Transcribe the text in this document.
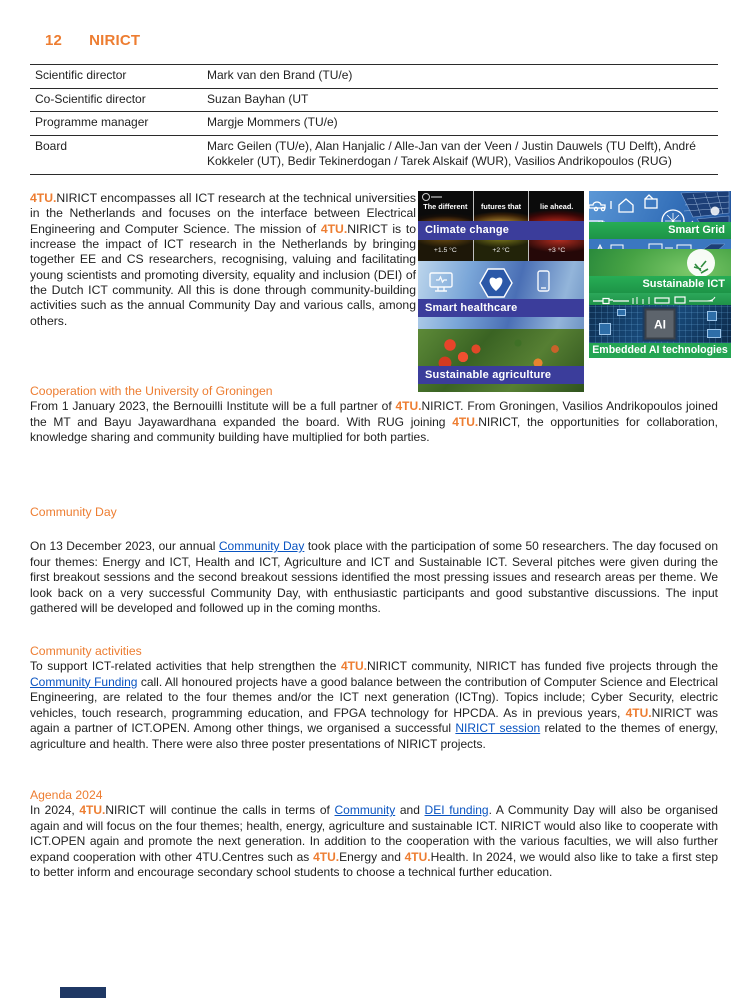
12 NIRICT
Scientific director	Mark van den Brand (TU/e)
Co-Scientific director	Suzan Bayhan (UT
Programme manager	Margje Mommers (TU/e)
Board	Marc Geilen (TU/e), Alan Hanjalic / Alle-Jan van der Veen / Justin Dauwels (TU Delft), André Kokkeler (UT), Bedir Tekinerdogan / Tarek Alskaif (WUR), Vasilios Andrikopoulos (RUG)
4TU.NIRICT encompasses all ICT research at the technical universities in the Netherlands and focuses on the interface between Electrical Engineering and Computer Science. The mission of 4TU.NIRICT is to increase the impact of ICT research in the Netherlands by bringing together EE and CS researchers, recognising, valuing and facilitating young scientists and promoting diversity, equality and inclusion (DEI) of the Dutch ICT community. All this is done through community-building activities such as the annual Community Day and various calls, among others.
The different	futures that	lie ahead.
Climate change
+1.5 °C	+2 °C	+3 °C
Smart healthcare
Sustainable agriculture
Smart Grid
Sustainable ICT
AI
Embedded AI technologies
Cooperation with the University of Groningen
From 1 January 2023, the Bernouilli Institute will be a full partner of 4TU.NIRICT. From Groningen, Vasilios Andrikopoulos joined the MT and Bayu Jayawardhana expanded the board. With RUG joining 4TU.NIRICT, the opportunities for collaboration, knowledge sharing and community building have multiplied for both parties.
Community Day
On 13 December 2023, our annual Community Day took place with the participation of some 50 researchers. The day focused on four themes: Energy and ICT, Health and ICT, Agriculture and ICT and Sustainable ICT. Several pitches were given during the first breakout sessions and the second breakout sessions identified the most pressing issues and research areas per theme. We look back on a very successful Community Day, with enthusiastic participants and good substantive discussions. The input gathered will be developed and followed up in the coming months.
Community activities
To support ICT-related activities that help strengthen the 4TU.NIRICT community, NIRICT has funded five projects through the Community Funding call. All honoured projects have a good balance between the contribution of Computer Science and Electrical Engineering, are related to the four themes and/or the ICT next generation (ICTng). Topics include; Cyber Security, electric vehicles, touch research, programming education, and FPGA technology for HPCDA. As in previous years, 4TU.NIRICT was again a partner of ICT.OPEN. Among other things, we organised a successful NIRICT session related to the themes of energy, agriculture and health. There were also three poster presentations of NIRICT projects.
Agenda 2024
In 2024, 4TU.NIRICT will continue the calls in terms of Community and DEI funding. A Community Day will also be organised again and will focus on the four themes; health, energy, agriculture and sustainable ICT. NIRICT would also like to cooperate with ICT.OPEN again and promote the next generation. In addition to the cooperation with the various faculties, we will also further expand cooperation with other 4TU.Centres such as 4TU.Energy and 4TU.Health. In 2024, we would also like to take a first step to better inform and encourage secondary school students to choose a technical further education.
